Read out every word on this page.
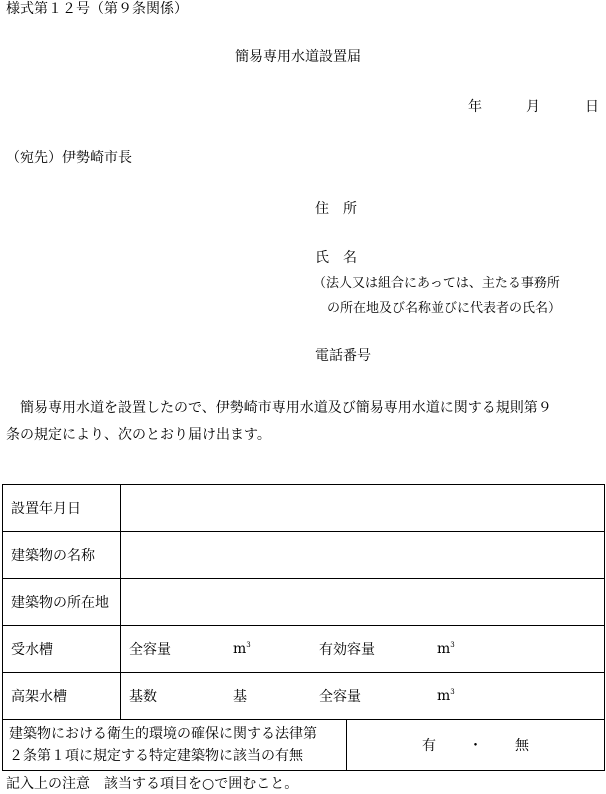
様式第１２号（第９条関係）
簡易専用水道設置届
年	月	日
（宛先）伊勢崎市長
住　所
氏　名
（法人又は組合にあっては、主たる事務所
の所在地及び名称並びに代表者の氏名）
電話番号
簡易専用水道を設置したので、伊勢崎市専用水道及び簡易専用水道に関する規則第９
条の規定により、次のとおり届け出ます。
設置年月日		
建築物の名称		
建築物の所在地		
受水槽	全容量 $m^3$ 有効容量 $m^3$

高架水槽	基数 基 全容量 $m^3$

建築物における衛生的環境の確保に関する法律第
２条第１項に規定する特定建築物に該当の有無		有 ・ 無
記入上の注意　該当する項目を○で囲むこと。
